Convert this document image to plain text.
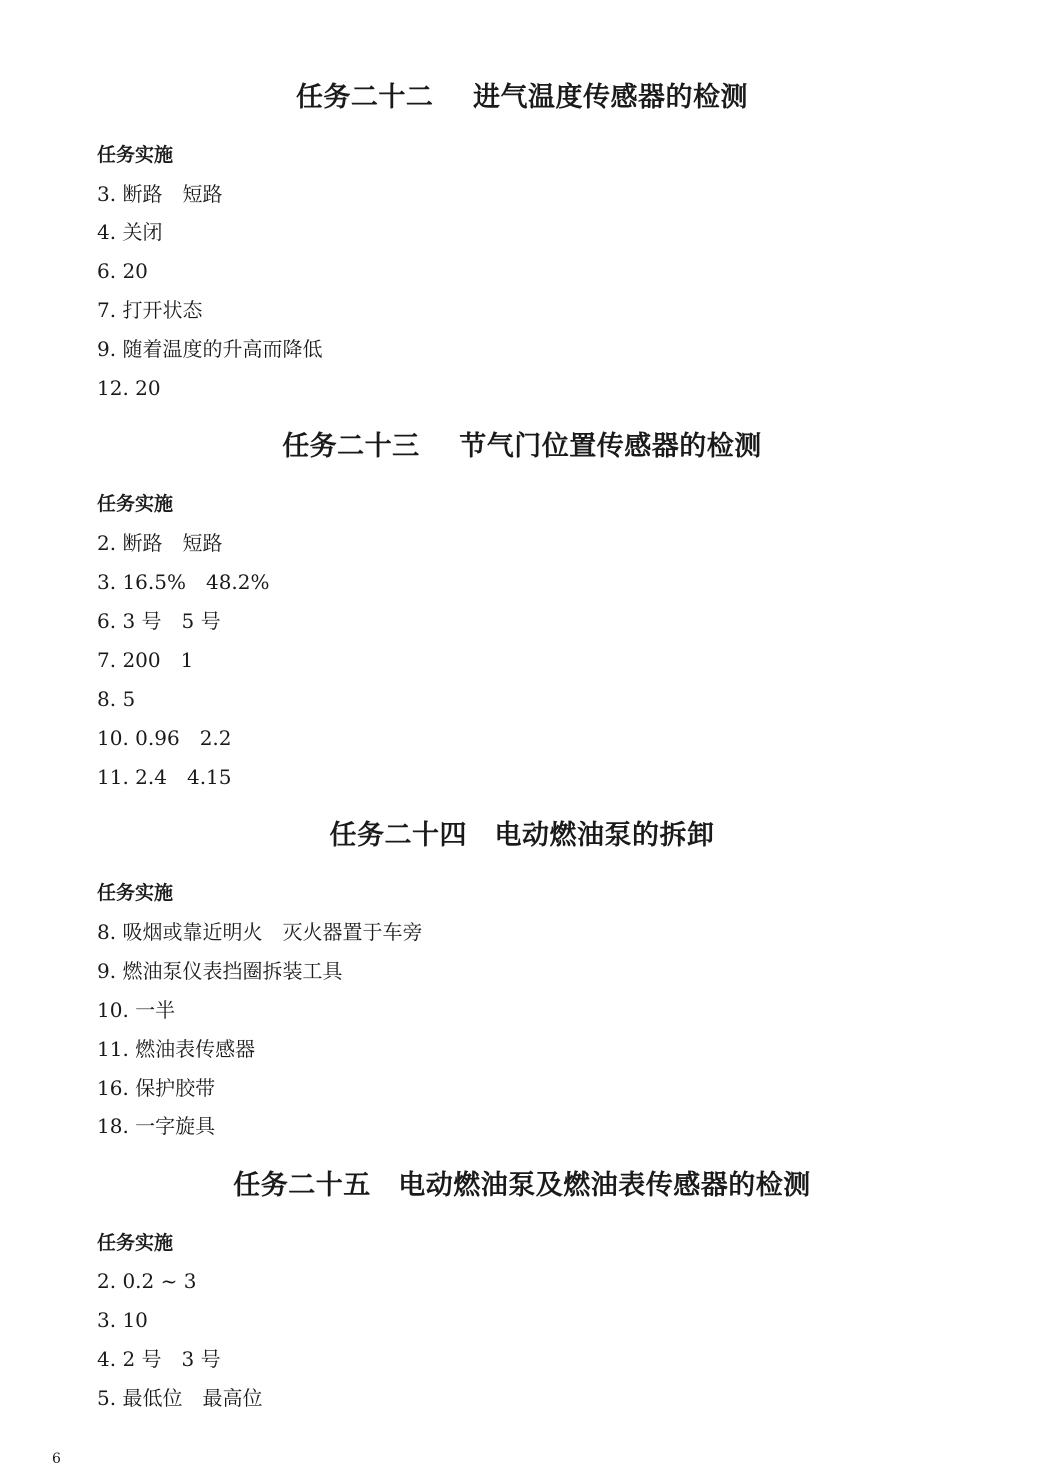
任务二十二    进气温度传感器的检测
任务实施
3. 断路　短路
4. 关闭
6. 20
7. 打开状态
9. 随着温度的升高而降低
12. 20
任务二十三    节气门位置传感器的检测
任务实施
2. 断路　短路
3. 16.5%　48.2%
6. 3 号　5 号
7. 200　1
8. 5
10. 0.96　2.2
11. 2.4　4.15
任务二十四　电动燃油泵的拆卸
任务实施
8. 吸烟或靠近明火　灭火器置于车旁
9. 燃油泵仪表挡圈拆装工具
10. 一半
11. 燃油表传感器
16. 保护胶带
18. 一字旋具
任务二十五　电动燃油泵及燃油表传感器的检测
任务实施
2. 0.2 ~ 3
3. 10
4. 2 号　3 号
5. 最低位　最高位
6
